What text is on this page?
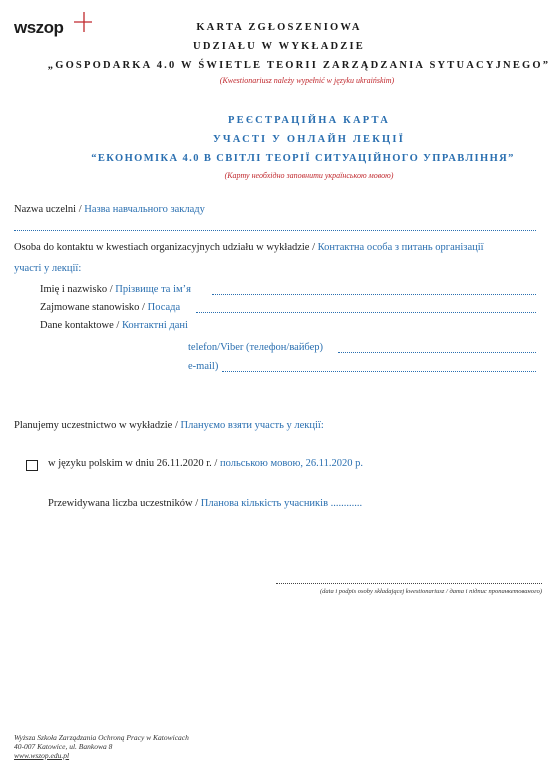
wszop	KARTA ZGŁOSZENIOWA
UDZIAŁU W WYKŁADZIE
„GOSPODARKA 4.0 W ŚWIETLE TEORII ZARZĄDZANIA SYTUACYJNEGO”
(Kwestionariusz należy wypełnić w języku ukraińskim)
РЕЄСТРАЦІЙНА КАРТА
УЧАСТІ У ОНЛАЙН ЛЕКЦІЇ
“ЕКОНОМІКА 4.0 В СВІТЛІ ТЕОРІЇ СИТУАЦІЙНОГО УПРАВЛІННЯ”
(Карту необхідно заповнити українською мовою)
Nazwa uczelni / Назва навчального закладу
Osoba do kontaktu w kwestiach organizacyjnych udziału w wykładzie / Контактна особа з питань організації
участі у лекції:
Imię i nazwisko / Прізвище та ім’я
Zajmowane stanowisko / Посада
Dane kontaktowe / Контактні дані
telefon/Viber (телефон/вайбер)
e-mail)
Planujemy uczestnictwo w wykładzie / Плануємо взяти участь у лекції:
w języku polskim w dniu 26.11.2020 r. / польською мовою, 26.11.2020 р.
Przewidywana liczba uczestników / Планова кількість учасників ............
(data i podpis osoby składającej kwestionariusz / дата і підпис пропанкетованого)
Wyższa Szkoła Zarządzania Ochroną Pracy w Katowicach
40-007 Katowice, ul. Bankowa 8
www.wszop.edu.pl
